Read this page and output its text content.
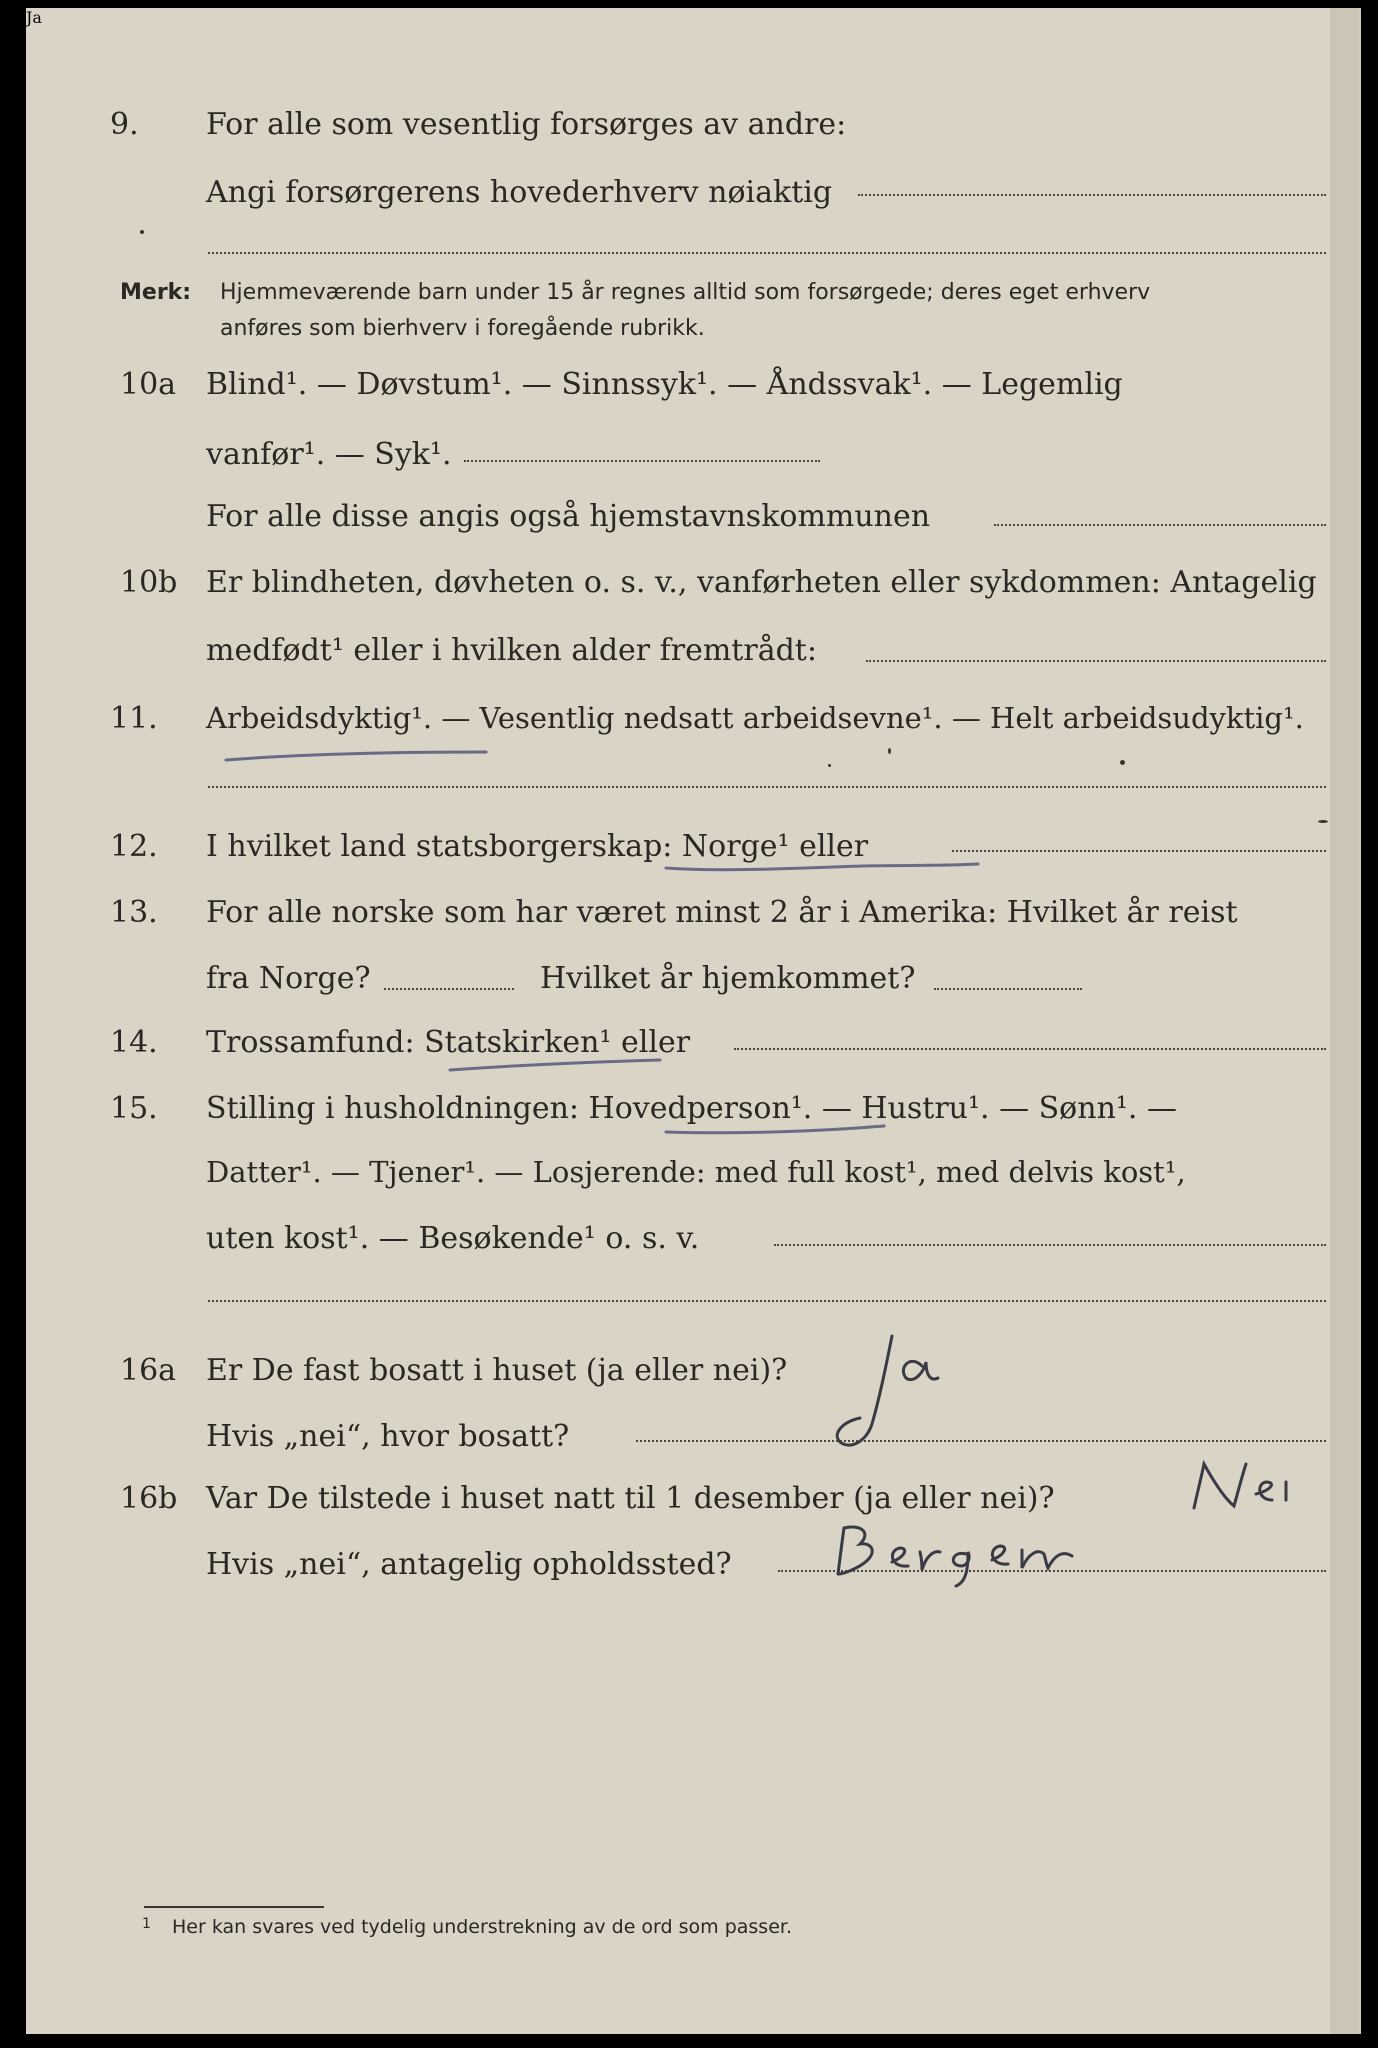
9. For alle som vesentlig forsørges av andre:
Angi forsørgerens hovederhverv nøiaktig
Merk: Hjemmeværende barn under 15 år regnes alltid som forsørgede; deres eget erhverv
anføres som bierhverv i foregående rubrikk.
10a Blind¹. — Døvstum¹. — Sinnssyk¹. — Åndssvak¹. — Legemlig
vanfør¹. — Syk¹.
For alle disse angis også hjemstavnskommunen
10b Er blindheten, døvheten o. s. v., vanførheten eller sykdommen: Antagelig
medfødt¹ eller i hvilken alder fremtrådt:
11. Arbeidsdyktig¹. — Vesentlig nedsatt arbeidsevne¹. — Helt arbeidsudyktig¹.
12. I hvilket land statsborgerskap: Norge¹ eller
13. For alle norske som har været minst 2 år i Amerika: Hvilket år reist
fra Norge?	Hvilket år hjemkommet?
14. Trossamfund: Statskirken¹ eller
15. Stilling i husholdningen: Hovedperson¹. — Hustru¹. — Sønn¹. —
Datter¹. — Tjener¹. — Losjerende: med full kost¹, med delvis kost¹,
uten kost¹. — Besøkende¹ o. s. v.
16a Er De fast bosatt i huset (ja eller nei)?
Ja
Hvis „nei“, hvor bosatt?
16b Var De tilstede i huset natt til 1 desember (ja eller nei)?
Hvis „nei“, antagelig opholdssted?
1 Her kan svares ved tydelig understrekning av de ord som passer.
